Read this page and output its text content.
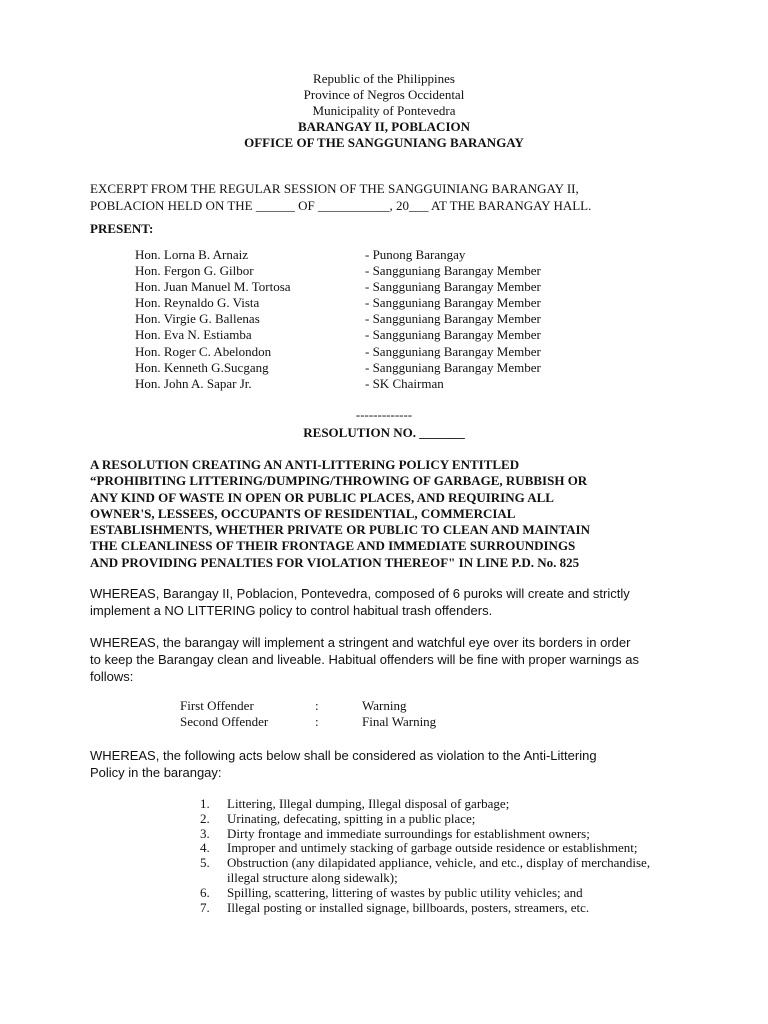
Republic of the Philippines
Province of Negros Occidental
Municipality of Pontevedra
BARANGAY II, POBLACION
OFFICE OF THE SANGGUNIANG BARANGAY
EXCERPT FROM THE REGULAR SESSION OF THE SANGGUINIANG BARANGAY II,
POBLACION HELD ON THE ______ OF ___________, 20___ AT THE BARANGAY HALL.
PRESENT:
Hon. Lorna B. Arnaiz	- Punong Barangay
Hon. Fergon G. Gilbor	- Sangguniang Barangay Member
Hon. Juan Manuel M. Tortosa	- Sangguniang Barangay Member
Hon. Reynaldo G. Vista	- Sangguniang Barangay Member
Hon. Virgie G. Ballenas	- Sangguniang Barangay Member
Hon. Eva N. Estiamba	- Sangguniang Barangay Member
Hon. Roger C. Abelondon	- Sangguniang Barangay Member
Hon. Kenneth G.Sucgang	- Sangguniang Barangay Member
Hon. John A. Sapar Jr.	- SK Chairman
-------------
RESOLUTION NO. _______
A RESOLUTION CREATING AN ANTI-LITTERING POLICY ENTITLED
“PROHIBITING LITTERING/DUMPING/THROWING OF GARBAGE, RUBBISH OR
ANY KIND OF WASTE IN OPEN OR PUBLIC PLACES, AND REQUIRING ALL
OWNER'S, LESSEES, OCCUPANTS OF RESIDENTIAL, COMMERCIAL
ESTABLISHMENTS, WHETHER PRIVATE OR PUBLIC TO CLEAN AND MAINTAIN
THE CLEANLINESS OF THEIR FRONTAGE AND IMMEDIATE SURROUNDINGS
AND PROVIDING PENALTIES FOR VIOLATION THEREOF" IN LINE P.D. No. 825
WHEREAS, Barangay II, Poblacion, Pontevedra, composed of 6 puroks will create and strictly
implement a NO LITTERING policy to control habitual trash offenders.
WHEREAS, the barangay will implement a stringent and watchful eye over its borders in order
to keep the Barangay clean and liveable. Habitual offenders will be fine with proper warnings as
follows:
First Offender	:	Warning
Second Offender	:	Final Warning
WHEREAS, the following acts below shall be considered as violation to the Anti-Littering
Policy in the barangay:
1. Littering, Illegal dumping, Illegal disposal of garbage;
2. Urinating, defecating, spitting in a public place;
3. Dirty frontage and immediate surroundings for establishment owners;
4. Improper and untimely stacking of garbage outside residence or establishment;
5. Obstruction (any dilapidated appliance, vehicle, and etc., display of merchandise, illegal structure along sidewalk);
6. Spilling, scattering, littering of wastes by public utility vehicles; and
7. Illegal posting or installed signage, billboards, posters, streamers, etc.
